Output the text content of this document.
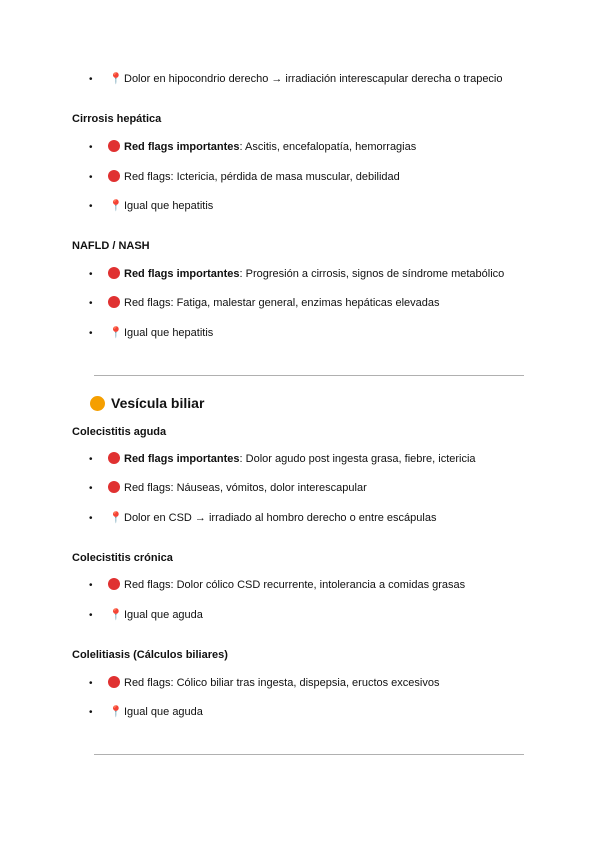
• 📍Dolor en hipocondrio derecho → irradiación interescapular derecha o trapecio
Cirrosis hepática
•	Red flags importantes: Ascitis, encefalopatía, hemorragias
•	Red flags: Ictericia, pérdida de masa muscular, debilidad
• 📍Igual que hepatitis
NAFLD / NASH
•	Red flags importantes: Progresión a cirrosis, signos de síndrome metabólico
•	Red flags: Fatiga, malestar general, enzimas hepáticas elevadas
• 📍Igual que hepatitis
Vesícula biliar
Colecistitis aguda
•	Red flags importantes: Dolor agudo post ingesta grasa, fiebre, ictericia
•	Red flags: Náuseas, vómitos, dolor interescapular
• 📍Dolor en CSD → irradiado al hombro derecho o entre escápulas
Colecistitis crónica
•	Red flags: Dolor cólico CSD recurrente, intolerancia a comidas grasas
• 📍Igual que aguda
Colelitiasis (Cálculos biliares)
•	Red flags: Cólico biliar tras ingesta, dispepsia, eructos excesivos
• 📍Igual que aguda
